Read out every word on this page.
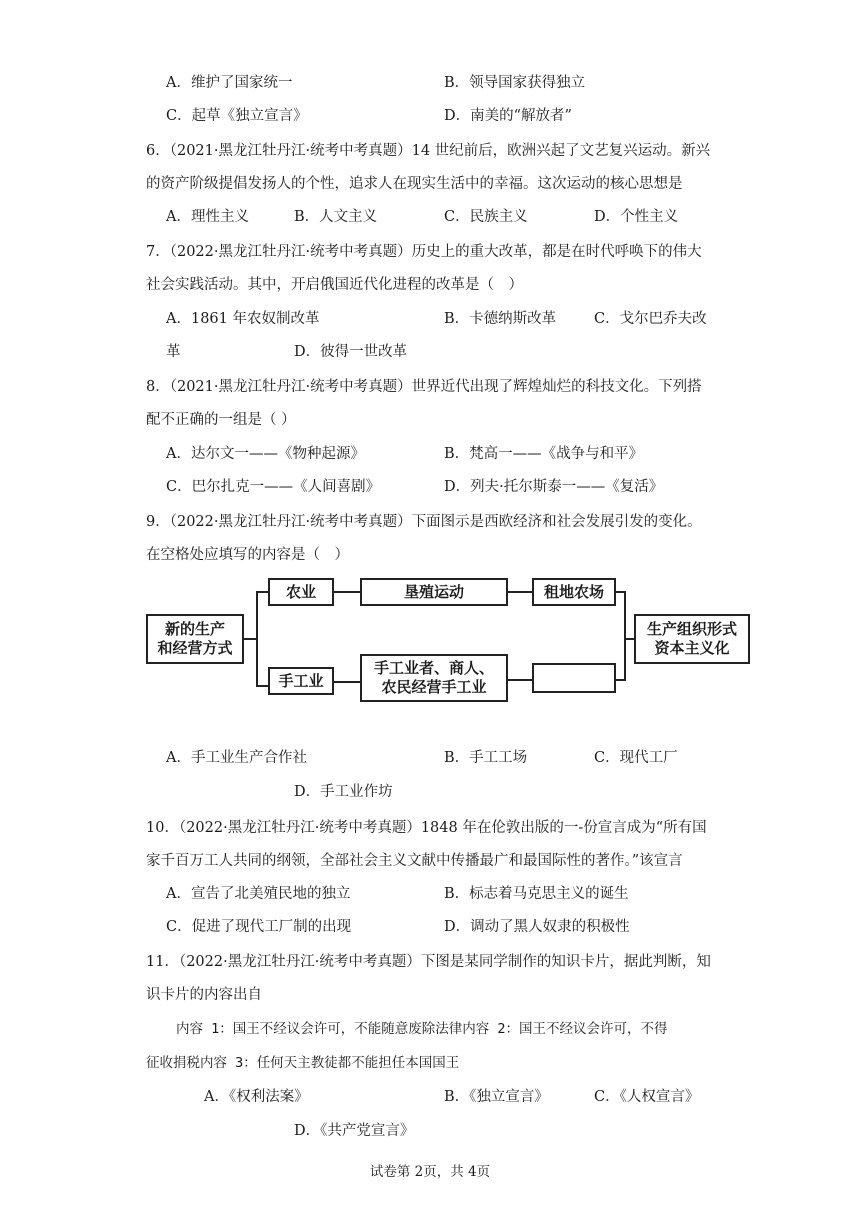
A．维护了国家统一	B．领导国家获得独立
C．起草《独立宣言》	D．南美的“解放者”
6．（2021·黑龙江牡丹江·统考中考真题）14 世纪前后，欧洲兴起了文艺复兴运动。新兴
的资产阶级提倡发扬人的个性，追求人在现实生活中的幸福。这次运动的核心思想是
A．理性主义	B．人文主义	C．民族主义	D．个性主义
7．（2022·黑龙江牡丹江·统考中考真题）历史上的重大改革，都是在时代呼唤下的伟大
社会实践活动。其中，开启俄国近代化进程的改革是（　）
A．1861 年农奴制改革	B．卡德纳斯改革	C．戈尔巴乔夫改
革	D．彼得一世改革
8．（2021·黑龙江牡丹江·统考中考真题）世界近代出现了辉煌灿烂的科技文化。下列搭
配不正确的一组是（ ）
A．达尔文一——《物种起源》	B．梵高一——《战争与和平》
C．巴尔扎克一——《人间喜剧》	D．列夫·托尔斯泰一——《复活》
9．（2022·黑龙江牡丹江·统考中考真题）下面图示是西欧经济和社会发展引发的变化。
在空格处应填写的内容是（　）
新的生产
和经营方式
农业	垦殖运动	租地农场
手工业
手工业者、商人、
农民经营手工业
生产组织形式
资本主义化
A．手工业生产合作社	B．手工工场	C．现代工厂
D．手工业作坊
10．（2022·黑龙江牡丹江·统考中考真题）1848 年在伦敦出版的一-份宣言成为“所有国
家千百万工人共同的纲领，全部社会主义文献中传播最广和最国际性的著作。”该宣言
A．宣告了北美殖民地的独立	B．标志着马克思主义的诞生
C．促进了现代工厂制的出现	D．调动了黑人奴隶的积极性
11．（2022·黑龙江牡丹江·统考中考真题）下图是某同学制作的知识卡片，据此判断，知
识卡片的内容出自
内容 1：国王不经议会许可，不能随意废除法律内容 2：国王不经议会许可，不得
征收捐税内容 3：任何天主教徒都不能担任本国国王
A．《权利法案》	B．《独立宣言》	C．《人权宣言》
D．《共产党宣言》
试卷第 2页，共 4页
